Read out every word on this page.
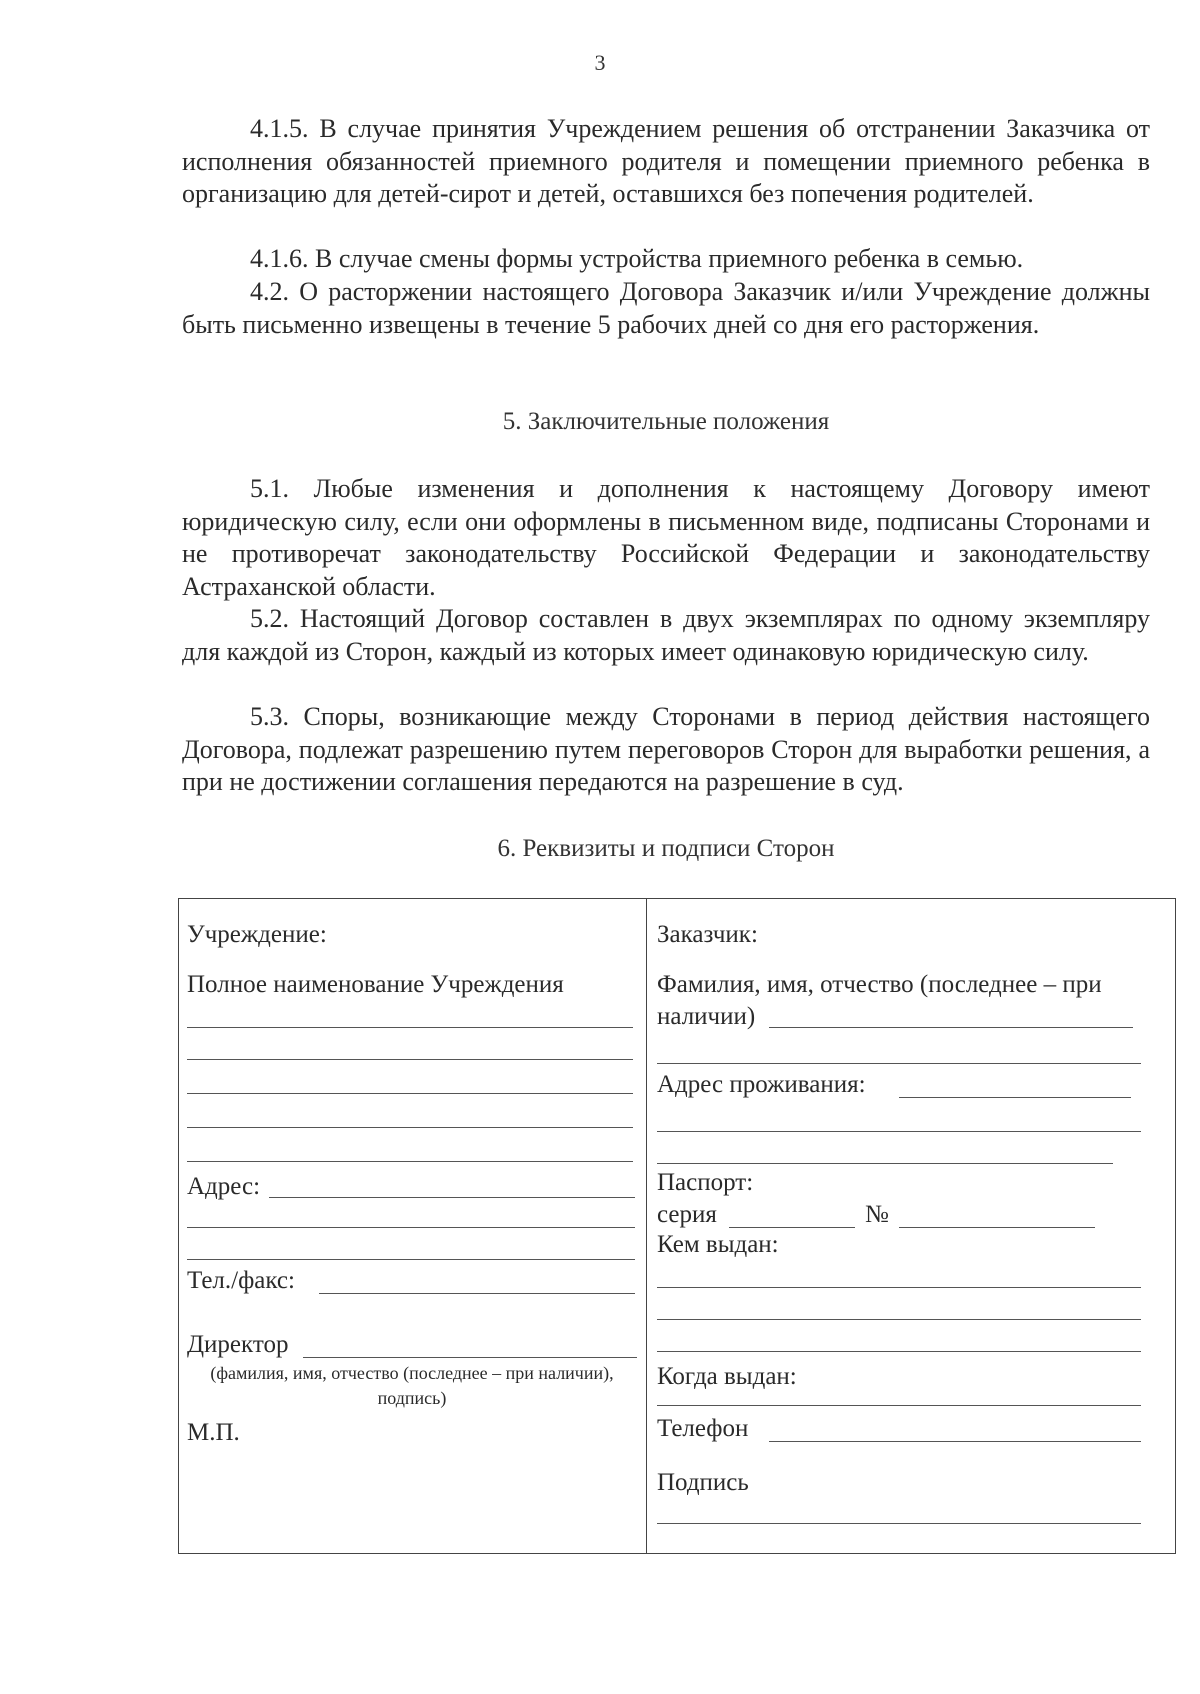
3

4.1.5. В случае принятия Учреждением решения об отстранении Заказчика от исполнения обязанностей приемного родителя и помещении приемного ребенка в организацию для детей-сирот и детей, оставшихся без попечения родителей.

4.1.6. В случае смены формы устройства приемного ребенка в семью.

4.2. О расторжении настоящего Договора Заказчик и/или Учреждение должны быть письменно извещены в течение 5 рабочих дней со дня его расторжения.

5. Заключительные положения

5.1. Любые изменения и дополнения к настоящему Договору имеют юридическую силу, если они оформлены в письменном виде, подписаны Сторонами и не противоречат законодательству Российской Федерации и законодательству Астраханской области.

5.2. Настоящий Договор составлен в двух экземплярах по одному экземпляру для каждой из Сторон, каждый из которых имеет одинаковую юридическую силу.

5.3. Споры, возникающие между Сторонами в период действия настоящего Договора, подлежат разрешению путем переговоров Сторон для выработки решения, а при не достижении соглашения передаются на разрешение в суд.

6. Реквизиты и подписи Сторон

Учреждение:

Полное наименование Учреждения

Адрес:

Тел./факс:

Директор

(фамилия, имя, отчество (последнее – при наличии), подпись)

М.П.

Заказчик:

Фамилия, имя, отчество (последнее – при

наличии)

Адрес проживания:

Паспорт:

серия	№

Кем выдан:

Когда выдан:

Телефон

Подпись
